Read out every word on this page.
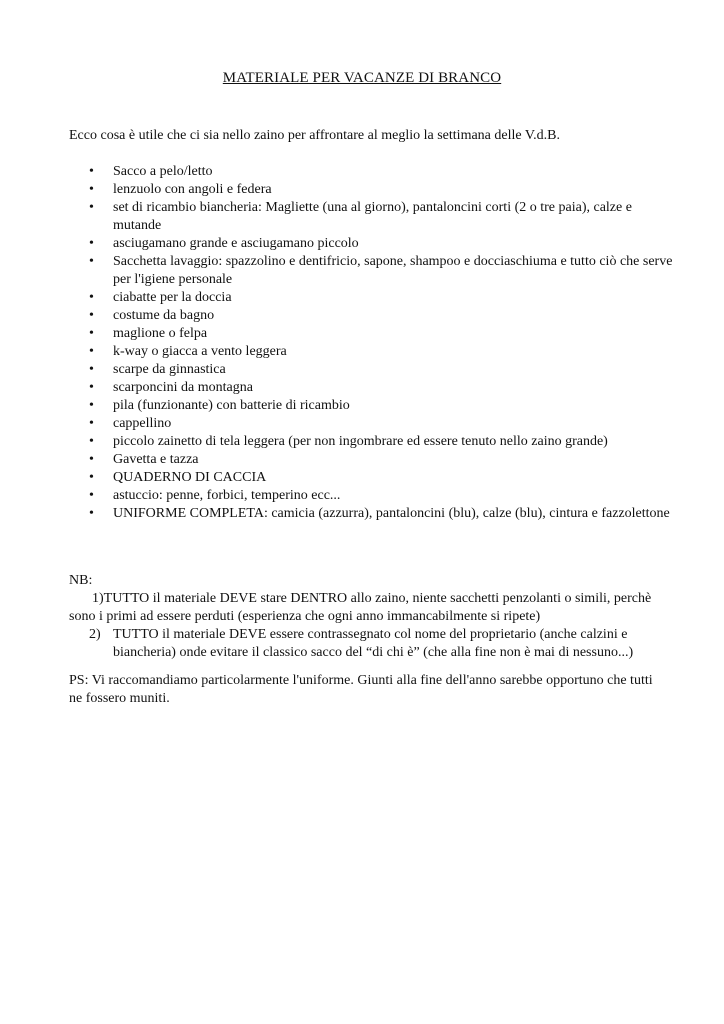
MATERIALE PER VACANZE DI BRANCO
Ecco cosa è utile che ci sia nello zaino per affrontare al meglio la settimana delle V.d.B.
• Sacco a pelo/letto
• lenzuolo con angoli e federa
• set di ricambio biancheria: Magliette (una al giorno), pantaloncini corti (2 o tre paia), calze e mutande
• asciugamano grande e asciugamano piccolo
• Sacchetta lavaggio: spazzolino e dentifricio, sapone, shampoo e docciaschiuma e tutto ciò che serve per l'igiene personale
• ciabatte per la doccia
• costume da bagno
• maglione o felpa
• k-way o giacca a vento leggera
• scarpe da ginnastica
• scarponcini da montagna
• pila (funzionante) con batterie di ricambio
• cappellino
• piccolo zainetto di tela leggera (per non ingombrare ed essere tenuto nello zaino grande)
• Gavetta e tazza
• QUADERNO DI CACCIA
• astuccio: penne, forbici, temperino ecc...
• UNIFORME COMPLETA: camicia (azzurra), pantaloncini (blu), calze (blu), cintura e fazzolettone
NB:
1)TUTTO il materiale DEVE stare DENTRO allo zaino, niente sacchetti penzolanti o simili, perchè sono i primi ad essere perduti (esperienza che ogni anno immancabilmente si ripete)
2) TUTTO il materiale DEVE essere contrassegnato col nome del proprietario (anche calzini e biancheria) onde evitare il classico sacco del “di chi è” (che alla fine non è mai di nessuno...)
PS: Vi raccomandiamo particolarmente l'uniforme. Giunti alla fine dell'anno sarebbe opportuno che tutti ne fossero muniti.
